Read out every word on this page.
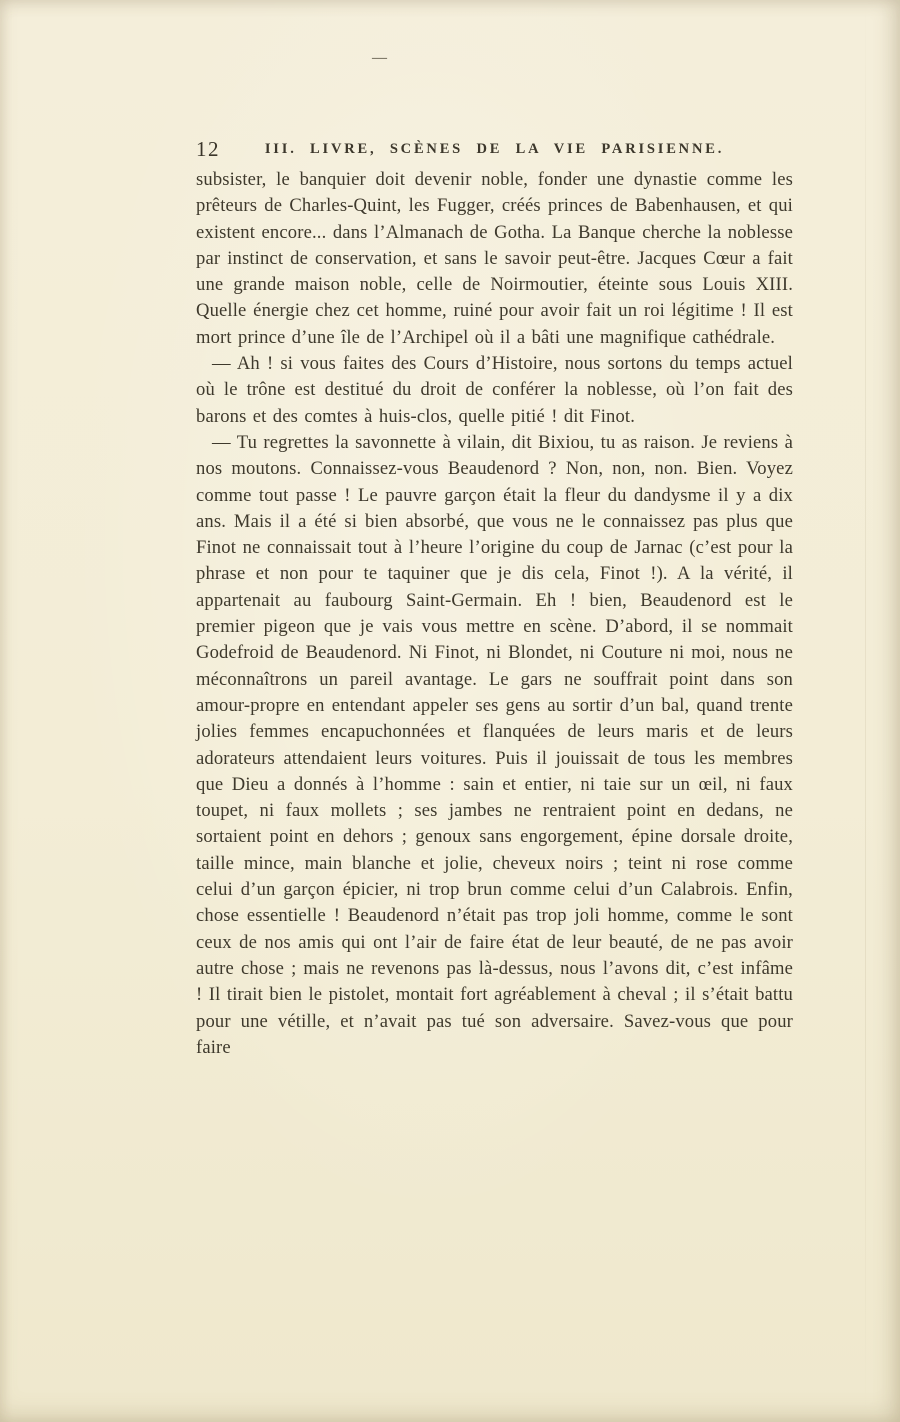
—
12	III. LIVRE, SCÈNES DE LA VIE PARISIENNE.

subsister, le banquier doit devenir noble, fonder une dynastie comme les prêteurs de Charles-Quint, les Fugger, créés princes de Babenhausen, et qui existent encore... dans l’Almanach de Gotha. La Banque cherche la noblesse par instinct de conservation, et sans le savoir peut-être. Jacques Cœur a fait une grande maison noble, celle de Noirmoutier, éteinte sous Louis XIII. Quelle énergie chez cet homme, ruiné pour avoir fait un roi légitime ! Il est mort prince d’une île de l’Archipel où il a bâti une magnifique cathédrale.

— Ah ! si vous faites des Cours d’Histoire, nous sortons du temps actuel où le trône est destitué du droit de conférer la noblesse, où l’on fait des barons et des comtes à huis-clos, quelle pitié ! dit Finot.

— Tu regrettes la savonnette à vilain, dit Bixiou, tu as raison. Je reviens à nos moutons. Connaissez-vous Beaudenord ? Non, non, non. Bien. Voyez comme tout passe ! Le pauvre garçon était la fleur du dandysme il y a dix ans. Mais il a été si bien absorbé, que vous ne le connaissez pas plus que Finot ne connaissait tout à l’heure l’origine du coup de Jarnac (c’est pour la phrase et non pour te taquiner que je dis cela, Finot !). A la vérité, il appartenait au faubourg Saint-Germain. Eh ! bien, Beaudenord est le premier pigeon que je vais vous mettre en scène. D’abord, il se nommait Godefroid de Beaudenord. Ni Finot, ni Blondet, ni Couture ni moi, nous ne méconnaîtrons un pareil avantage. Le gars ne souffrait point dans son amour-propre en entendant appeler ses gens au sortir d’un bal, quand trente jolies femmes encapuchonnées et flanquées de leurs maris et de leurs adorateurs attendaient leurs voitures. Puis il jouissait de tous les membres que Dieu a donnés à l’homme : sain et entier, ni taie sur un œil, ni faux toupet, ni faux mollets ; ses jambes ne rentraient point en dedans, ne sortaient point en dehors ; genoux sans engorgement, épine dorsale droite, taille mince, main blanche et jolie, cheveux noirs ; teint ni rose comme celui d’un garçon épicier, ni trop brun comme celui d’un Calabrois. Enfin, chose essentielle ! Beaudenord n’était pas trop joli homme, comme le sont ceux de nos amis qui ont l’air de faire état de leur beauté, de ne pas avoir autre chose ; mais ne revenons pas là-dessus, nous l’avons dit, c’est infâme ! Il tirait bien le pistolet, montait fort agréablement à cheval ; il s’était battu pour une vétille, et n’avait pas tué son adversaire. Savez-vous que pour faire
